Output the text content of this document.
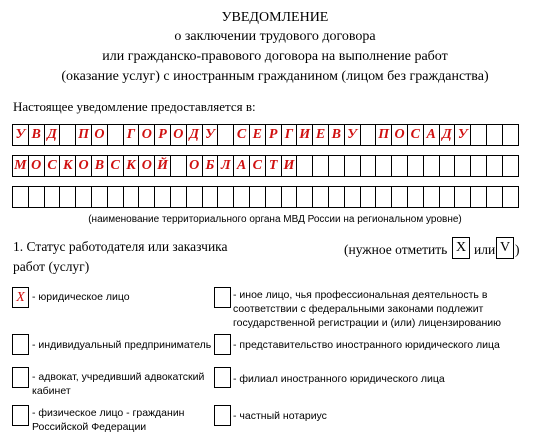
УВЕДОМЛЕНИЕ
о заключении трудового договора
или гражданско-правового договора на выполнение работ
(оказание услуг) с иностранным гражданином (лицом без гражданства)
Настоящее уведомление предоставляется в:
У В Д П О Г О Р О Д У С Е Р Г И Е В У П О С А Д У
М О С К О В С К О Й О Б Л А С Т И
(наименование территориального органа МВД России на региональном уровне)
1. Статус работодателя или заказчика работ (услуг)
(нужное отметить X или V )
X - юридическое лицо
- индивидуальный предприниматель
- адвокат, учредивший адвокатский кабинет
- физическое лицо - гражданин Российской Федерации
- иное лицо, чья профессиональная деятельность в соответствии с федеральными законами подлежит государственной регистрации и (или) лицензированию
- представительство иностранного юридического лица
- филиал иностранного юридического лица
- частный нотариус
